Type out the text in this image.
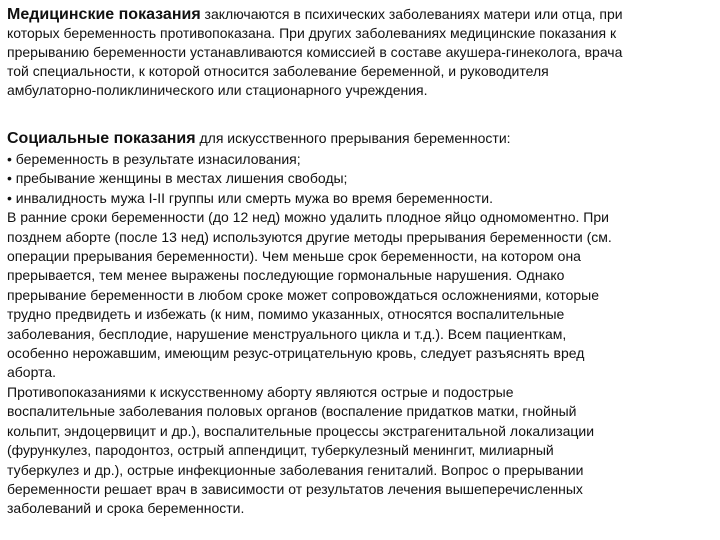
Медицинские показания заключаются в психических заболеваниях матери или отца, при
которых беременность противопоказана. При других заболеваниях медицинские показания к
прерыванию беременности устанавливаются комиссией в составе акушера-гинеколога, врача
той специальности, к которой относится заболевание беременной, и руководителя
амбулаторно-поликлинического или стационарного учреждения.
Социальные показания для искусственного прерывания беременности:
• беременность в результате изнасилования;
• пребывание женщины в местах лишения свободы;
• инвалидность мужа I-II группы или смерть мужа во время беременности.
В ранние сроки беременности (до 12 нед) можно удалить плодное яйцо одномоментно. При
позднем аборте (после 13 нед) используются другие методы прерывания беременности (см.
операции прерывания беременности). Чем меньше срок беременности, на котором она
прерывается, тем менее выражены последующие гормональные нарушения. Однако
прерывание беременности в любом сроке может сопровождаться осложнениями, которые
трудно предвидеть и избежать (к ним, помимо указанных, относятся воспалительные
заболевания, бесплодие, нарушение менструального цикла и т.д.). Всем пациенткам,
особенно нерожавшим, имеющим резус-отрицательную кровь, следует разъяснять вред
аборта.
Противопоказаниями к искусственному аборту являются острые и подострые
воспалительные заболевания половых органов (воспаление придатков матки, гнойный
кольпит, эндоцервицит и др.), воспалительные процессы экстрагенитальной локализации
(фурункулез, пародонтоз, острый аппендицит, туберкулезный менингит, милиарный
туберкулез и др.), острые инфекционные заболевания гениталий. Вопрос о прерывании
беременности решает врач в зависимости от результатов лечения вышеперечисленных
заболеваний и срока беременности.
